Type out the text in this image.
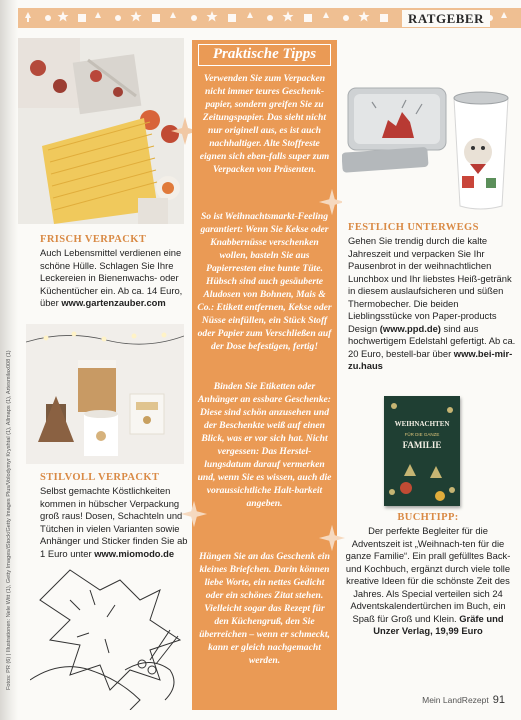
RATGEBER
FRISCH VERPACKT

Auch Lebensmittel verdienen eine schöne Hülle. Schlagen Sie Ihre Leckereien in Bienenwachs- oder Küchentücher ein. Ab ca. 14 Euro, über www.gartenzauber.com

STILVOLL VERPACKT

Selbst gemachte Köstlichkeiten kommen in hübscher Verpackung groß raus! Dosen, Schachteln und Tütchen in vielen Varianten sowie Anhänger und Sticker finden Sie ab 1 Euro unter www.miomodo.de

Fotos: PR (6) | Illustrationen: Nele Witt (1), Getty Images/iStock/Getty Images Plus/Volodymyr Kryshtal (1), Allmaps (1), Artesmilax008 (1)
Praktische Tipps

Verwenden Sie zum Verpacken nicht immer teures Geschenk-papier, sondern greifen Sie zu Zeitungspapier. Das sieht nicht nur originell aus, es ist auch nachhaltiger. Alte Stoffreste eignen sich eben-falls super zum Verpacken von Präsenten.

So ist Weihnachtsmarkt-Feeling garantiert: Wenn Sie Kekse oder Knabbernüsse verschenken wollen, basteln Sie aus Papierresten eine bunte Tüte. Hübsch sind auch gesäuberte Aludosen von Bohnen, Mais & Co.: Etikett entfernen, Kekse oder Nüsse einfüllen, ein Stück Stoff oder Papier zum Verschließen auf der Dose befestigen, fertig!

Binden Sie Etiketten oder Anhänger an essbare Geschenke: Diese sind schön anzusehen und der Beschenkte weiß auf einen Blick, was er vor sich hat. Nicht vergessen: Das Herstel-lungsdatum darauf vermerken und, wenn Sie es wissen, auch die voraussichtliche Halt-barkeit angeben.

Hängen Sie an das Geschenk ein kleines Briefchen. Darin können liebe Worte, ein nettes Gedicht oder ein schönes Zitat stehen. Vielleicht sogar das Rezept für den Küchengruß, den Sie überreichen – wenn er schmeckt, kann er gleich nachgemacht werden.

FESTLICH UNTERWEGS

Gehen Sie trendig durch die kalte Jahreszeit und verpacken Sie Ihr Pausenbrot in der weihnachtlichen Lunchbox und Ihr liebstes Heiß-getränk in diesem auslaufsicheren und süßen Thermobecher. Die beiden Lieblingsstücke von Paper-products Design (www.ppd.de) sind aus hochwertigem Edelstahl gefertigt. Ab ca. 20 Euro, bestell-bar über www.bei-mir-zu.haus

WEIHNACHTEN
FÜR DIE GANZE
FAMILIE
BUCHTIPP:

Der perfekte Begleiter für die Adventszeit ist „Weihnach-ten für die ganze Familie“. Ein prall gefülltes Back- und Kochbuch, ergänzt durch viele tolle kreative Ideen für die schönste Zeit des Jahres. Als Special verteilen sich 24 Adventskalendertürchen im Buch, ein Spaß für Groß und Klein. Gräfe und Unzer Verlag, 19,99 Euro

Mein LandRezept 91
